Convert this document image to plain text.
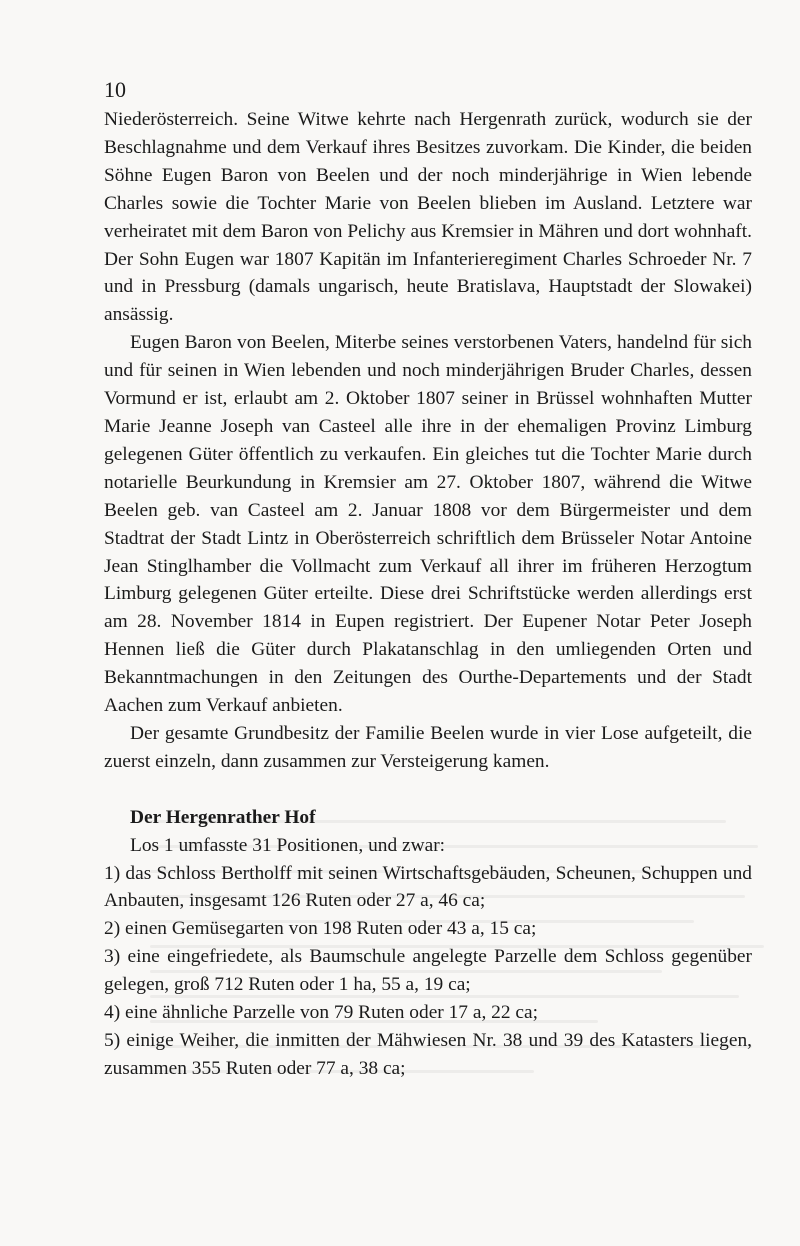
10

Niederösterreich. Seine Witwe kehrte nach Hergenrath zurück, wodurch sie der Beschlagnahme und dem Verkauf ihres Besitzes zuvorkam. Die Kinder, die beiden Söhne Eugen Baron von Beelen und der noch minderjährige in Wien lebende Charles sowie die Tochter Marie von Beelen blieben im Ausland. Letztere war verheiratet mit dem Baron von Pelichy aus Kremsier in Mähren und dort wohnhaft. Der Sohn Eugen war 1807 Kapitän im Infanterieregiment Charles Schroeder Nr. 7 und in Pressburg (damals ungarisch, heute Bratislava, Hauptstadt der Slowakei) ansässig.

Eugen Baron von Beelen, Miterbe seines verstorbenen Vaters, handelnd für sich und für seinen in Wien lebenden und noch minderjährigen Bruder Charles, dessen Vormund er ist, erlaubt am 2. Oktober 1807 seiner in Brüssel wohnhaften Mutter Marie Jeanne Joseph van Casteel alle ihre in der ehemaligen Provinz Limburg gelegenen Güter öffentlich zu verkaufen. Ein gleiches tut die Tochter Marie durch notarielle Beurkundung in Kremsier am 27. Oktober 1807, während die Witwe Beelen geb. van Casteel am 2. Januar 1808 vor dem Bürgermeister und dem Stadtrat der Stadt Lintz in Oberösterreich schriftlich dem Brüsseler Notar Antoine Jean Stinglhamber die Vollmacht zum Verkauf all ihrer im früheren Herzogtum Limburg gelegenen Güter erteilte. Diese drei Schriftstücke werden allerdings erst am 28. November 1814 in Eupen registriert. Der Eupener Notar Peter Joseph Hennen ließ die Güter durch Plakatanschlag in den umliegenden Orten und Bekanntmachungen in den Zeitungen des Ourthe-Departements und der Stadt Aachen zum Verkauf anbieten.

Der gesamte Grundbesitz der Familie Beelen wurde in vier Lose aufgeteilt, die zuerst einzeln, dann zusammen zur Versteigerung kamen.

Der Hergenrather Hof

Los 1 umfasste 31 Positionen, und zwar:

1) das Schloss Bertholff mit seinen Wirtschaftsgebäuden, Scheunen, Schuppen und Anbauten, insgesamt 126 Ruten oder 27 a, 46 ca;

2) einen Gemüsegarten von 198 Ruten oder 43 a, 15 ca;

3) eine eingefriedete, als Baumschule angelegte Parzelle dem Schloss gegenüber gelegen, groß 712 Ruten oder 1 ha, 55 a, 19 ca;

4) eine ähnliche Parzelle von 79 Ruten oder 17 a, 22 ca;

5) einige Weiher, die inmitten der Mähwiesen Nr. 38 und 39 des Katasters liegen, zusammen 355 Ruten oder 77 a, 38 ca;
